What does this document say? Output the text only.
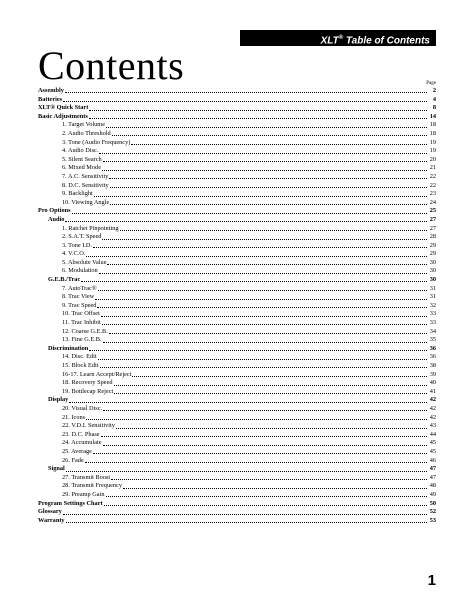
XLT® Table of Contents
Contents	Page
Assembly	2
Batteries	4
XLT® Quick Start	8
Basic Adjustments	14
1. Target Volume	18
2. Audio Threshold	18
3. Tone (Audio Frequency)	19
4. Audio Disc.	19
5. Silent Search	20
6. Mixed Mode	21
7. A.C. Sensitivity	22
8. D.C. Sensitivity	22
9. Backlight	23
10. Viewing Angle	24
Pro Options	25
Audio	27
1. Ratchet Pinpointing	27
2. S.A.T. Speed	28
3. Tone I.D.	29
4. V.C.O.	29
5. Absolute Value	30
6. Modulation	30
G.E.B./Trac	30
7. AutoTrac®	31
8. Trac View	31
9. Trac Speed	32
10. Trac Offset	33
11. Trac Inhibit	33
12. Coarse G.E.B.	34
13. Fine G.E.B.	35
Discrimination	36
14. Disc. Edit	36
15. Block Edit	38
16-17. Learn Accept/Reject	39
18. Recovery Speed	40
19. Bottlecap Reject	41
Display	42
20. Visual Disc.	42
21. Icons	42
22. V.D.I. Sensitivity	43
23. D.C. Phase	44
24. Accumulate	45
25. Average	45
26. Fade	46
Signal	47
27. Transmit Boost	47
28. Transmit Frequency	48
29. Preamp Gain	49
Program Settings Chart	50
Glossary	52
Warranty	53
1
